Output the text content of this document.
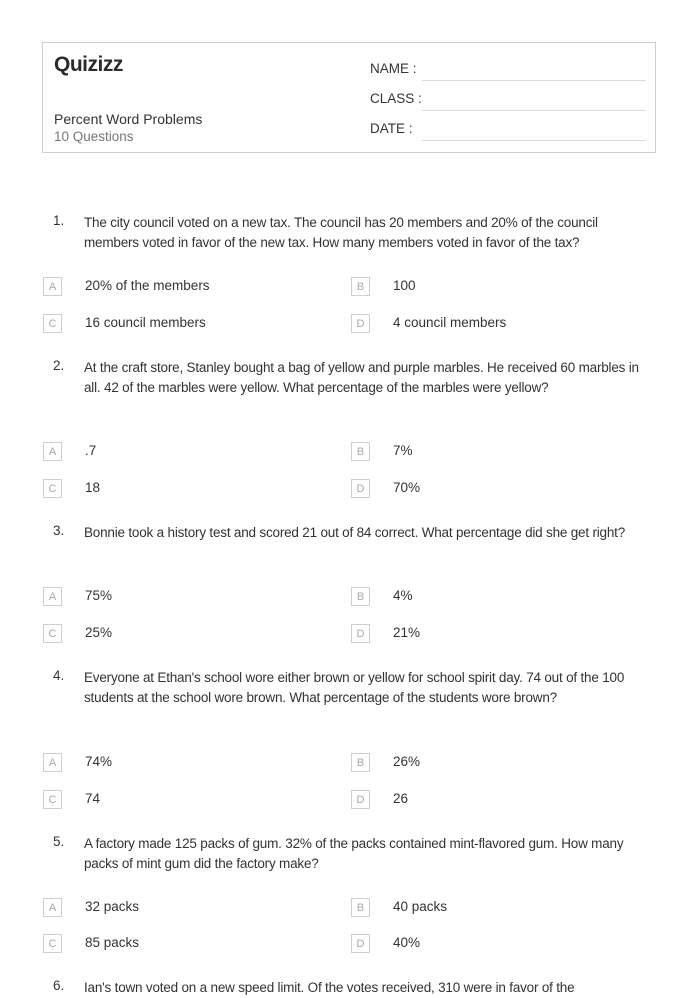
Quizizz
Percent Word Problems
10 Questions
NAME :
CLASS :
DATE :
1. The city council voted on a new tax. The council has 20 members and 20% of the council members voted in favor of the new tax. How many members voted in favor of the tax?
A	20% of the members	B	100
C	16 council members	D	4 council members
2. At the craft store, Stanley bought a bag of yellow and purple marbles. He received 60 marbles in all. 42 of the marbles were yellow. What percentage of the marbles were yellow?
A	.7	B	7%
C	18	D	70%
3. Bonnie took a history test and scored 21 out of 84 correct. What percentage did she get right?
A	75%	B	4%
C	25%	D	21%
4. Everyone at Ethan's school wore either brown or yellow for school spirit day. 74 out of the 100 students at the school wore brown. What percentage of the students wore brown?
A	74%	B	26%
C	74	D	26
5. A factory made 125 packs of gum. 32% of the packs contained mint-flavored gum. How many packs of mint gum did the factory make?
A	32 packs	B	40 packs
C	85 packs	D	40%
6. Ian's town voted on a new speed limit. Of the votes received, 310 were in favor of the
